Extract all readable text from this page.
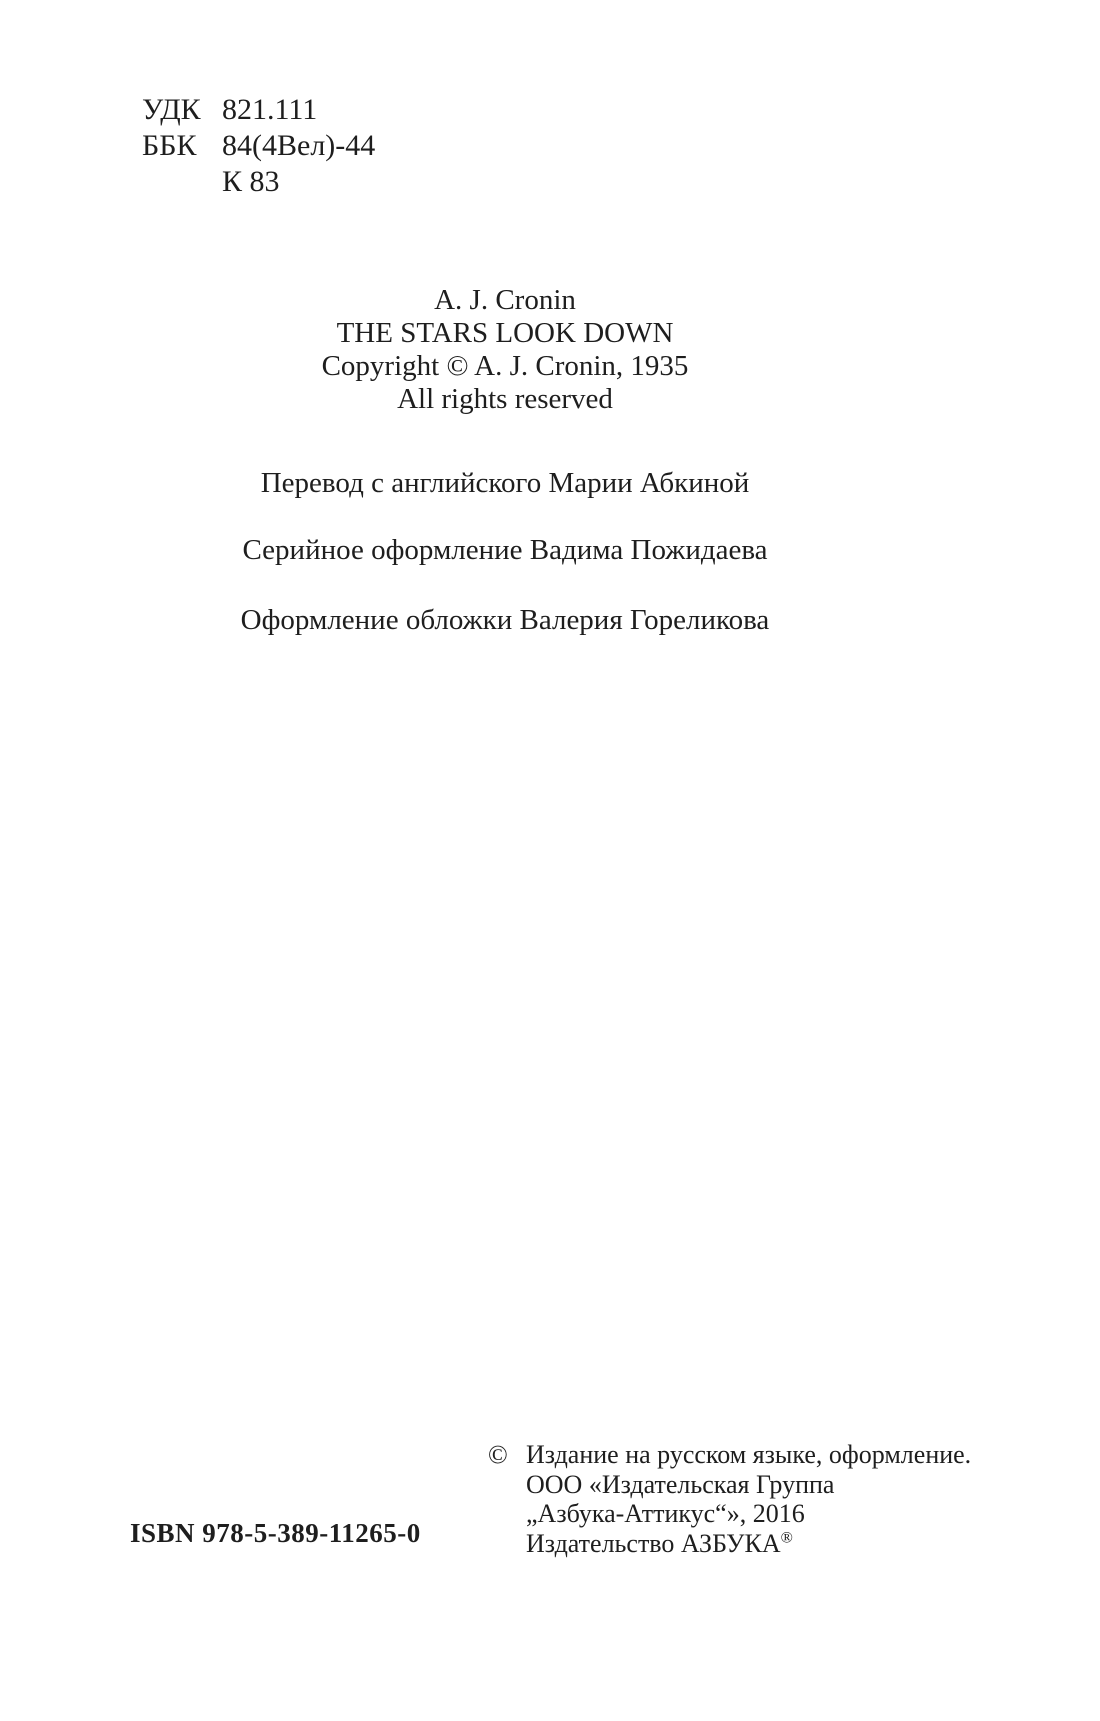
УДК 821.111
ББК 84(4Вел)-44
К 83
A. J. Cronin
THE STARS LOOK DOWN
Copyright © A. J. Cronin, 1935
All rights reserved
Перевод с английского Марии Абкиной
Серийное оформление Вадима Пожидаева
Оформление обложки Валерия Гореликова
© Издание на русском языке, оформление.
ООО «Издательская Группа
„Азбука-Аттикус“», 2016
Издательство АЗБУКА®
ISBN 978-5-389-11265-0
